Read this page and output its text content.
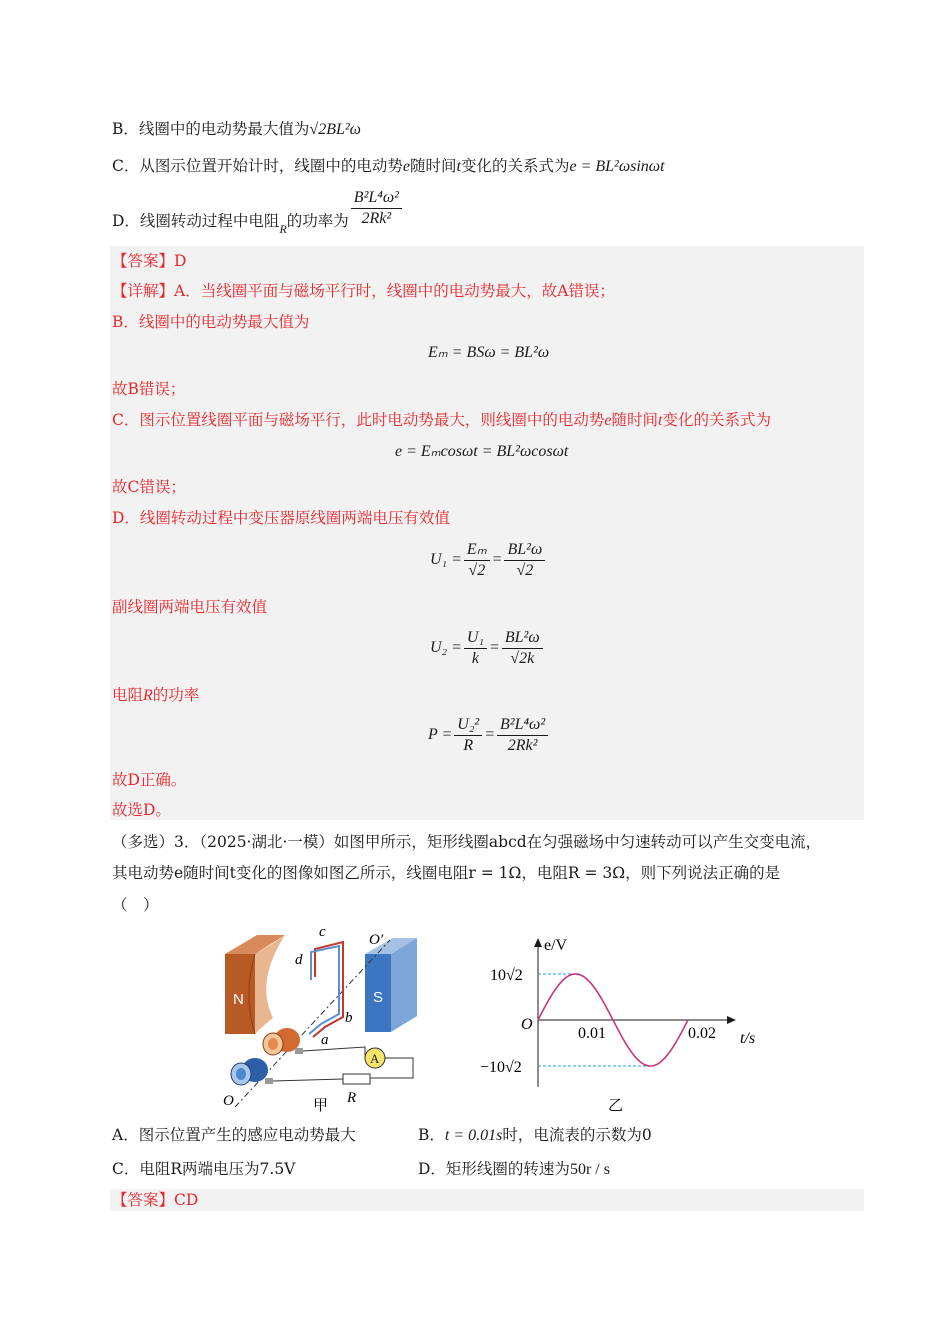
B．线圈中的电动势最大值为√2BL²ω
C．从图示位置开始计时，线圈中的电动势e随时间t变化的关系式为e = BL²ωsinωt
D．线圈转动过程中电阻$_R$的功率为 $\frac{\text{B²L⁴ω²}}{\text{2Rk²}}$
【答案】D
【详解】A．当线圈平面与磁场平行时，线圈中的电动势最大，故A错误；
B．线圈中的电动势最大值为
Eₘ = BSω = BL²ω
故B错误；
C．图示位置线圈平面与磁场平行，此时电动势最大，则线圈中的电动势e随时间t变化的关系式为
e = Eₘcosωt = BL²ωcosωt
故C错误；
D．线圈转动过程中变压器原线圈两端电压有效值
$U_1 = \frac{\text{Eₘ}}{√2} = \frac{\text{BL²ω}}{√2}$
副线圈两端电压有效值
$U_2 = \frac{\text{U₁}}{k} = \frac{\text{BL²ω}}{√2k}$
电阻R的功率
$P = \frac{\text{U₂²}}{R} = \frac{\text{B²L⁴ω²}}{\text{2Rk²}}$
故D正确。
故选D。
（多选）3．（2025·湖北·一模）如图甲所示，矩形线圈abcd在匀强磁场中匀速转动可以产生交变电流，
其电动势e随时间t变化的图像如图乙所示，线圈电阻r = 1Ω，电阻R = 3Ω，则下列说法正确的是
（　）
N	S
A
c
d
b
a
O′
O	R
甲
e/V
t/s
O
10√2
−10√2
0.01	0.02
乙
A．图示位置产生的感应电动势最大	B．t = 0.01s时，电流表的示数为0
C．电阻R两端电压为7.5V	D．矩形线圈的转速为50r / s
【答案】CD
